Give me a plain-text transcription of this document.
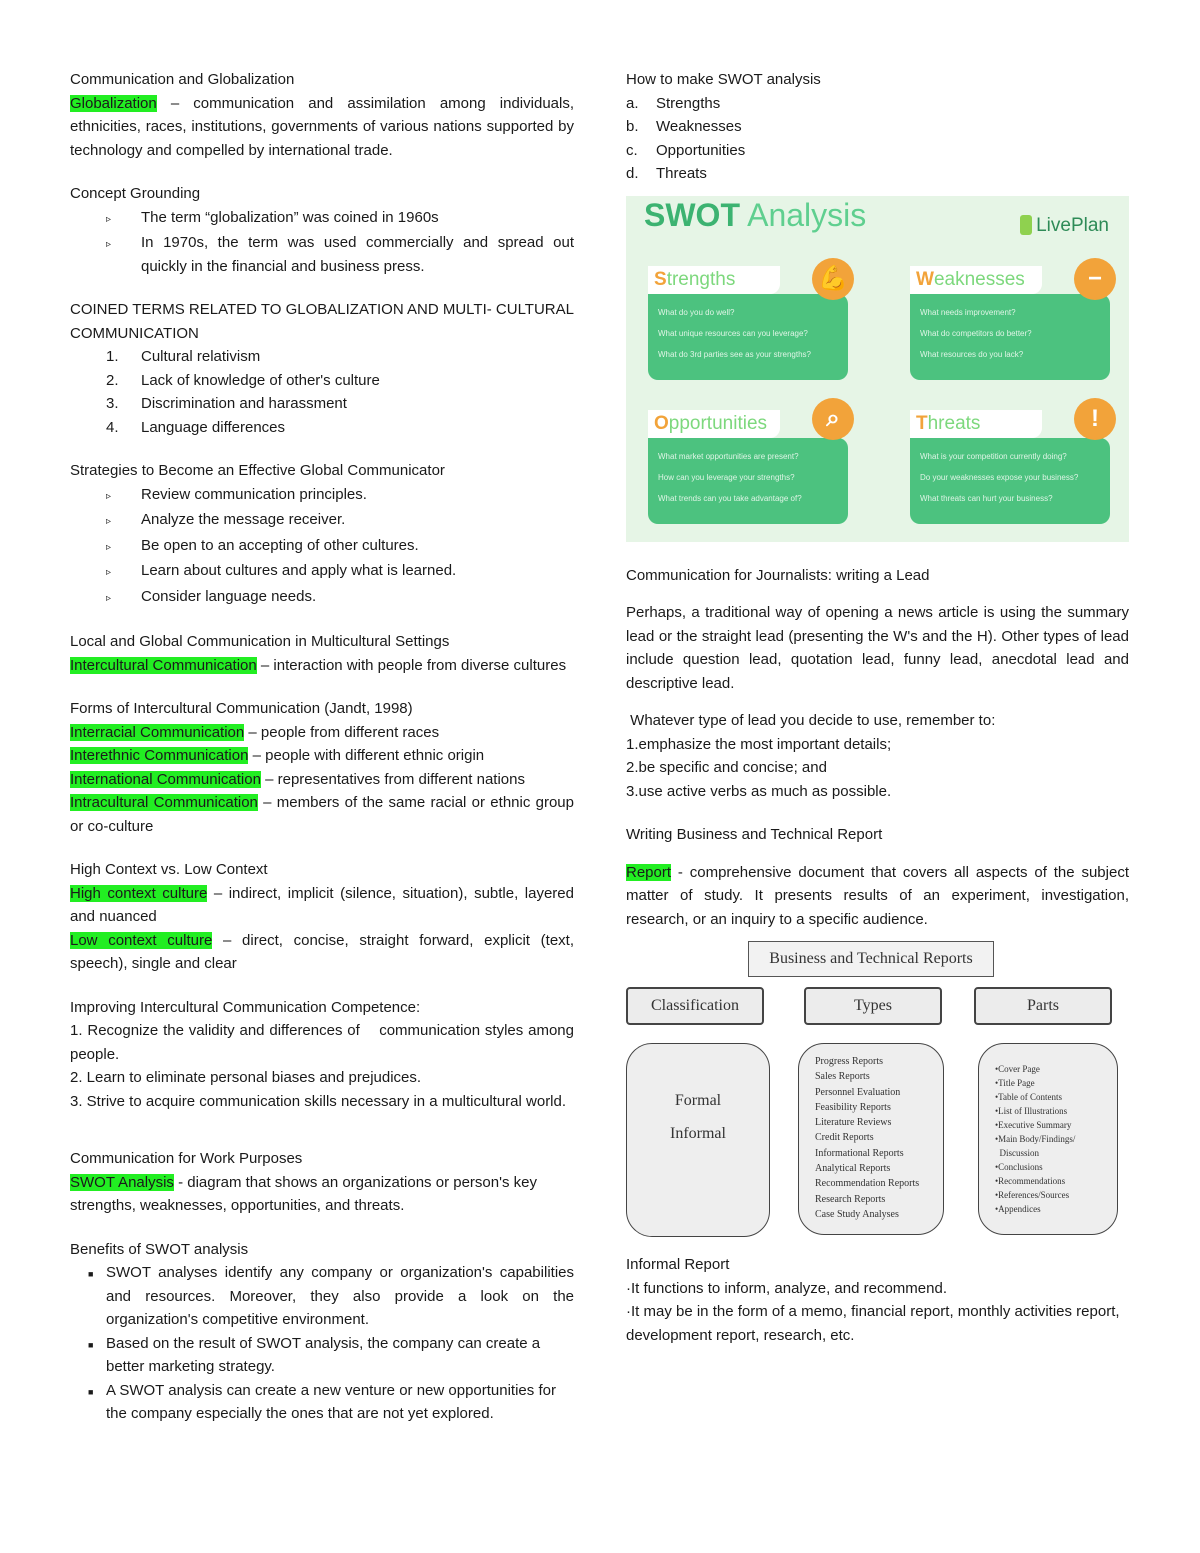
Communication and Globalization
Globalization – communication and assimilation among individuals, ethnicities, races, institutions, governments of various nations supported by technology and compelled by international trade.
Concept Grounding
▹	The term “globalization” was coined in 1960s
▹	In 1970s, the term was used commercially and spread out quickly in the financial and business press.
COINED TERMS RELATED TO GLOBALIZATION AND MULTI- CULTURAL COMMUNICATION
1.	Cultural relativism
2.	Lack of knowledge of other's culture
3.	Discrimination and harassment
4.	Language differences
Strategies to Become an Effective Global Communicator
▹	Review communication principles.
▹	Analyze the message receiver.
▹	Be open to an accepting of other cultures.
▹	Learn about cultures and apply what is learned.
▹	Consider language needs.
Local and Global Communication in Multicultural Settings
Intercultural Communication – interaction with people from diverse cultures
Forms of Intercultural Communication (Jandt, 1998)
Interracial Communication – people from different races
Interethnic Communication – people with different ethnic origin
International Communication – representatives from different nations
Intracultural Communication – members of the same racial or ethnic group or co-culture
High Context vs. Low Context
High context culture – indirect, implicit (silence, situation), subtle, layered and nuanced
Low context culture – direct, concise, straight forward, explicit (text, speech), single and clear
Improving Intercultural Communication Competence:
1. Recognize the validity and differences of    communication styles among people.
2. Learn to eliminate personal biases and prejudices.
3. Strive to acquire communication skills necessary in a multicultural world.
Communication for Work Purposes
SWOT Analysis - diagram that shows an organizations or person's key strengths, weaknesses, opportunities, and threats.
Benefits of SWOT analysis
■ SWOT analyses identify any company or organization's capabilities and resources. Moreover, they also provide a look on the organization's competitive environment.
■ Based on the result of SWOT analysis, the company can create a better marketing strategy.
■ A SWOT analysis can create a new venture or new opportunities for the company especially the ones that are not yet explored.
How to make SWOT analysis
a.	Strengths
b.	Weaknesses
c.	Opportunities
d.	Threats
SWOT Analysis	LivePlan
Strengths
What do you do well?
What unique resources can you leverage?
What do 3rd parties see as your strengths?
💪	Weaknesses
What needs improvement?
What do competitors do better?
What resources do you lack?
−
Opportunities
What market opportunities are present?
How can you leverage your strengths?
What trends can you take advantage of?
⌕	Threats
What is your competition currently doing?
Do your weaknesses expose your business?
What threats can hurt your business?
!
Communication for Journalists: writing a Lead
Perhaps, a traditional way of opening a news article is using the summary lead or the straight lead (presenting the W's and the H). Other types of lead include question lead, quotation lead, funny lead, anecdotal lead and descriptive lead.
Whatever type of lead you decide to use, remember to:
1.emphasize the most important details;
2.be specific and concise; and
3.use active verbs as much as possible.
Writing Business and Technical Report
Report - comprehensive document that covers all aspects of the subject matter of study. It presents results of an experiment, investigation, research, or an inquiry to a specific audience.
Business and Technical Reports
Classification	Types	Parts
Formal
Informal
Progress Reports
Sales Reports
Personnel Evaluation
Feasibility Reports
Literature Reviews
Credit Reports
Informational Reports
Analytical Reports
Recommendation Reports
Research Reports
Case Study Analyses
•Cover Page
•Title Page
•Table of Contents
•List of Illustrations
•Executive Summary
•Main Body/Findings/
Discussion
•Conclusions
•Recommendations
•References/Sources
•Appendices
Informal Report
·It functions to inform, analyze, and recommend.
·It may be in the form of a memo, financial report, monthly activities report, development report, research, etc.
